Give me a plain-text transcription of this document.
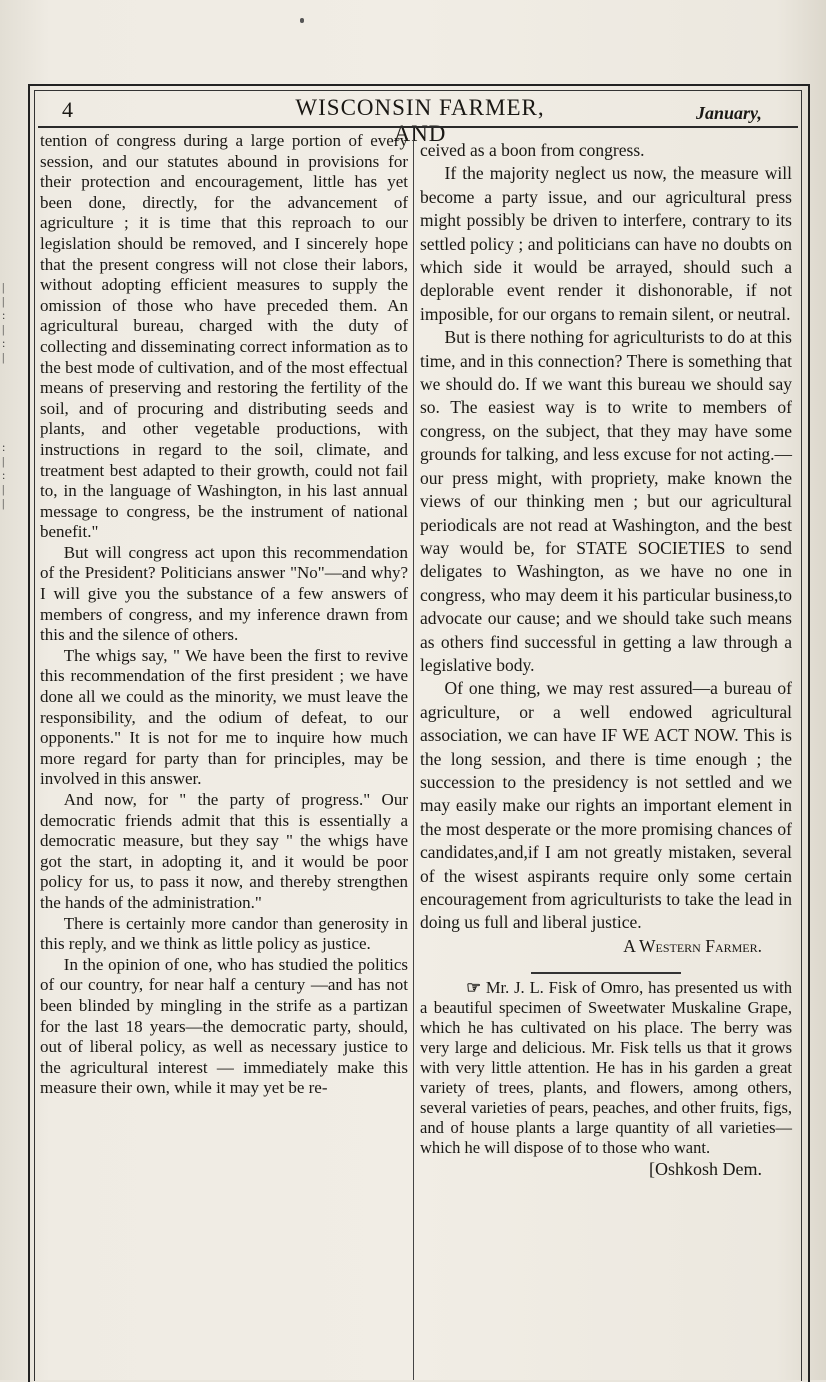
4	WISCONSIN FARMER, AND
January,

tention of congress during a large portion of every session, and our statutes abound in provisions for their protection and encouragement, little has yet been done, directly, for the advancement of agriculture ; it is time that this reproach to our legislation should be removed, and I sincerely hope that the present congress will not close their labors, without adopting efficient measures to supply the omission of those who have preceded them. An agricultural bureau, charged with the duty of collecting and disseminating correct information as to the best mode of cultivation, and of the most effectual means of preserving and restoring the fertility of the soil, and of procuring and distributing seeds and plants, and other vegetable productions, with instructions in regard to the soil, climate, and treatment best adapted to their growth, could not fail to, in the language of Washington, in his last annual message to congress, be the instrument of national benefit."

But will congress act upon this recommendation of the President? Politicians answer "No"—and why? I will give you the substance of a few answers of members of congress, and my inference drawn from this and the silence of others.

The whigs say, " We have been the first to revive this recommendation of the first president ; we have done all we could as the minority, we must leave the responsibility, and the odium of defeat, to our opponents." It is not for me to inquire how much more regard for party than for principles, may be involved in this answer.

And now, for " the party of progress." Our democratic friends admit that this is essentially a democratic measure, but they say " the whigs have got the start, in adopting it, and it would be poor policy for us, to pass it now, and thereby strengthen the hands of the administration."

There is certainly more candor than generosity in this reply, and we think as little policy as justice.

In the opinion of one, who has studied the politics of our country, for near half a century —and has not been blinded by mingling in the strife as a partizan for the last 18 years—the democratic party, should, out of liberal policy, as well as necessary justice to the agricultural interest — immediately make this measure their own, while it may yet be re-

ceived as a boon from congress.

If the majority neglect us now, the measure will become a party issue, and our agricultural press might possibly be driven to interfere, contrary to its settled policy ; and politicians can have no doubts on which side it would be arrayed, should such a deplorable event render it dishonorable, if not imposible, for our organs to remain silent, or neutral.

But is there nothing for agriculturists to do at this time, and in this connection? There is something that we should do. If we want this bureau we should say so. The easiest way is to write to members of congress, on the subject, that they may have some grounds for talking, and less excuse for not acting.—our press might, with propriety, make known the views of our thinking men ; but our agricultural periodicals are not read at Washington, and the best way would be, for STATE SOCIETIES to send deligates to Washington, as we have no one in congress, who may deem it his particular business,to advocate our cause; and we should take such means as others find successful in getting a law through a legislative body.

Of one thing, we may rest assured—a bureau of agriculture, or a well endowed agricultural association, we can have IF WE ACT NOW. This is the long session, and there is time enough ; the succession to the presidency is not settled and we may easily make our rights an important element in the most desperate or the more promising chances of candidates,and,if I am not greatly mistaken, several of the wisest aspirants require only some certain encouragement from agriculturists to take the lead in doing us full and liberal justice.

A Western Farmer.

☞ Mr. J. L. Fisk of Omro, has presented us with a beautiful specimen of Sweetwater Muskaline Grape, which he has cultivated on his place. The berry was very large and delicious. Mr. Fisk tells us that it grows with very little attention. He has in his garden a great variety of trees, plants, and flowers, among others, several varieties of pears, peaches, and other fruits, figs, and of house plants a large quantity of all varieties—which he will dispose of to those who want.

[Oshkosh Dem.

|
|
:
|
:
|
:
|
:
|
|
